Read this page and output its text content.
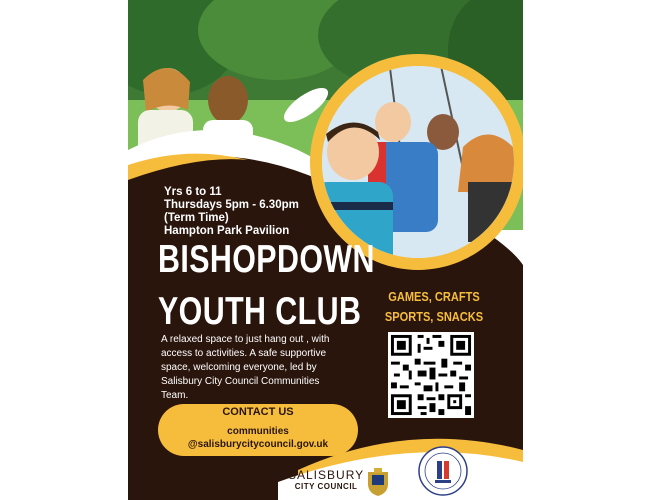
Yrs 6 to 11
Thursdays 5pm - 6.30pm
(Term Time)
Hampton Park Pavilion
BISHOPDOWN
YOUTH CLUB
A relaxed space to just hang out , with access to activities. A safe supportive space, welcoming everyone, led by Salisbury City Council Communities Team.
GAMES, CRAFTS
SPORTS, SNACKS
CONTACT US
communities
@salisburycitycouncil.gov.uk
SALISBURY
CITY COUNCIL
